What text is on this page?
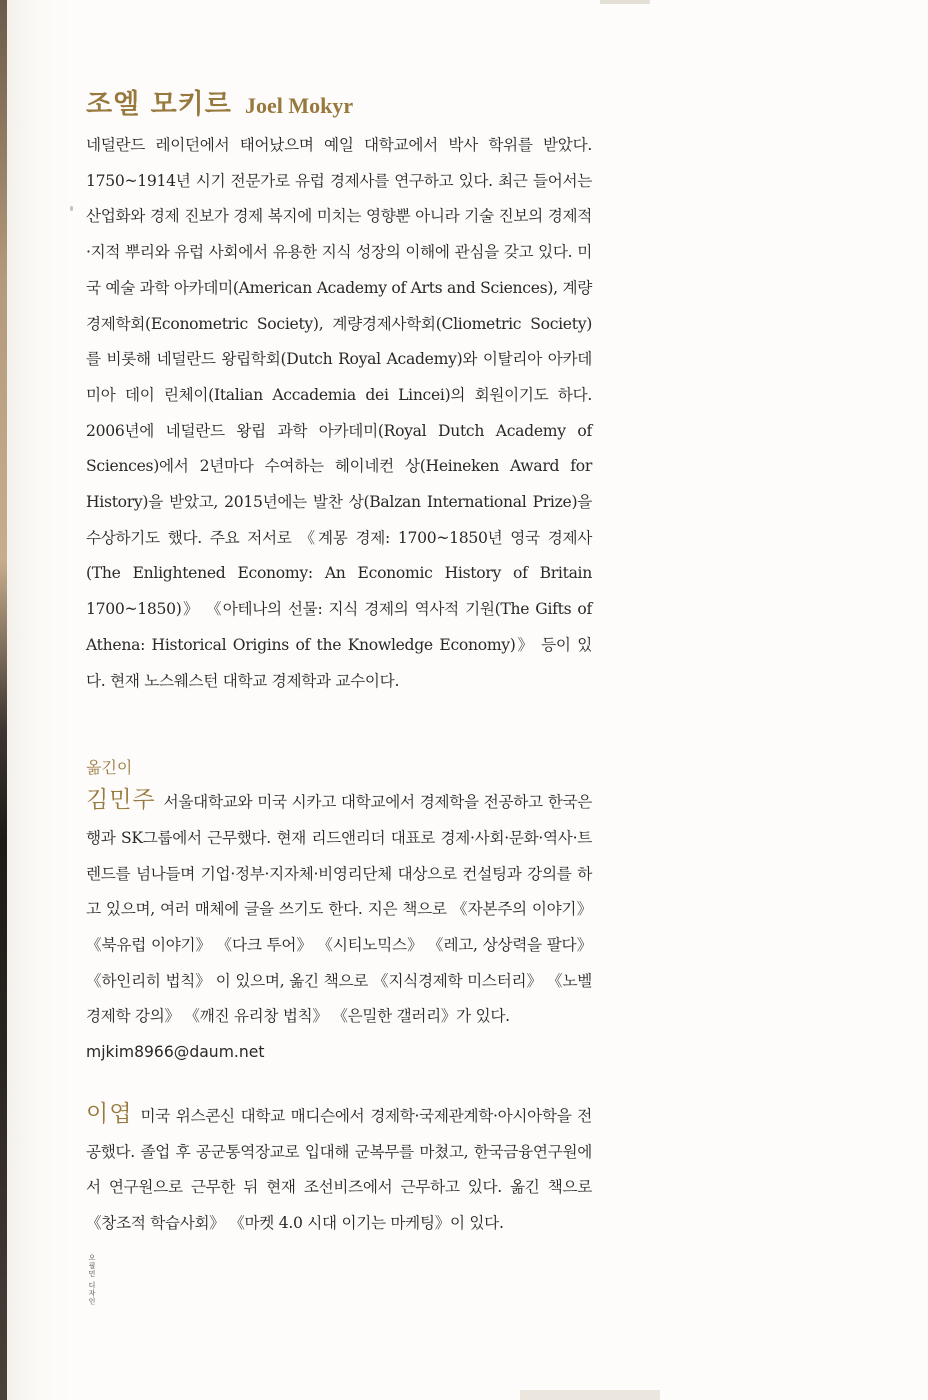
조엘 모키르 Joel Mokyr

네덜란드 레이던에서 태어났으며 예일 대학교에서 박사 학위를 받았다. 1750~1914년 시기 전문가로 유럽 경제사를 연구하고 있다. 최근 들어서는 산업화와 경제 진보가 경제 복지에 미치는 영향뿐 아니라 기술 진보의 경제적·지적 뿌리와 유럽 사회에서 유용한 지식 성장의 이해에 관심을 갖고 있다. 미국 예술 과학 아카데미(American Academy of Arts and Sciences), 계량경제학회(Econometric Society), 계량경제사학회(Cliometric Society)를 비롯해 네덜란드 왕립학회(Dutch Royal Academy)와 이탈리아 아카데미아 데이 린체이(Italian Accademia dei Lincei)의 회원이기도 하다. 2006년에 네덜란드 왕립 과학 아카데미(Royal Dutch Academy of Sciences)에서 2년마다 수여하는 헤이네컨 상(Heineken Award for History)을 받았고, 2015년에는 발찬 상(Balzan International Prize)을 수상하기도 했다. 주요 저서로 《계몽 경제: 1700~1850년 영국 경제사(The Enlightened Economy: An Economic History of Britain 1700~1850)》 《아테나의 선물: 지식 경제의 역사적 기원(The Gifts of Athena: Historical Origins of the Knowledge Economy)》 등이 있다. 현재 노스웨스턴 대학교 경제학과 교수이다.

옮긴이

김민주 서울대학교와 미국 시카고 대학교에서 경제학을 전공하고 한국은행과 SK그룹에서 근무했다. 현재 리드앤리더 대표로 경제·사회·문화·역사·트렌드를 넘나들며 기업·정부·지자체·비영리단체 대상으로 컨설팅과 강의를 하고 있으며, 여러 매체에 글을 쓰기도 한다. 지은 책으로 《자본주의 이야기》 《북유럽 이야기》 《다크 투어》 《시티노믹스》 《레고, 상상력을 팔다》 《하인리히 법칙》 이 있으며, 옮긴 책으로 《지식경제학 미스터리》 《노벨경제학 강의》 《깨진 유리창 법칙》 《은밀한 갤러리》가 있다.

mjkim8966@daum.net

이엽 미국 위스콘신 대학교 매디슨에서 경제학·국제관계학·아시아학을 전공했다. 졸업 후 공군통역장교로 입대해 군복무를 마쳤고, 한국금융연구원에서 연구원으로 근무한 뒤 현재 조선비즈에서 근무하고 있다. 옮긴 책으로 《창조적 학습사회》 《마켓 4.0 시대 이기는 마케팅》이 있다.

오필민 디자인
